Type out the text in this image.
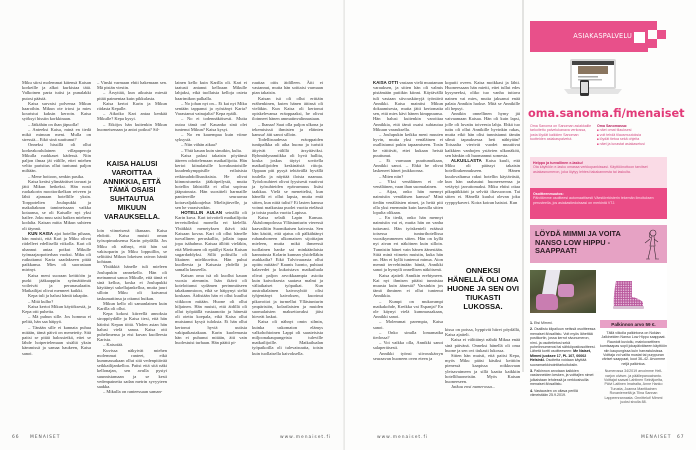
Miku siirsi molemmat kätensä Kaisan korkeille ja alkoi kurkistaa tätä. Valkoinen parta tutisi ja punalakki putosi päästä.

Kaisa survaisi polvensa Mikun haaroihin. Mikun ote irtosi ja mies kouristui kaksin kerroin. Kaisa syöksyi hissiin korkkinaan.

– Jätkähän on ihan jäpuolla!

– Anteeksi Kaisa, minä en tiedä mikä minuun meni. Mulla on stressiä... Etkö sinä suuttunut?

Onneksi hissillä oli ollut korkeakoululainen villapaperoja Mikulla ruokkaset kädessä. Niin paljon ilmaa jäi välille, ettei miehen veltto parisitus ollut tuntunut paljon miltään.

– Mene hoitoon, senkin pasika.

Kaisa keräsi ylimääräiset tavarat ja jätti Mikun hetkeksi. Hän nosti ruokakorin moottorikelkan reiveen ja lähti ajamaan hotellille yksin. Torppotelien Joulupukki ja makaltaknon tamineissaan vaikka kotaansa, se oli Kaisalle nyt yksi hailee. Joku muu saisi haikea mieheen kodalta. Kaisan mitta Mikun suhteen oli täynnä.

KUN KAISA ajoi hotellin pihaan, hän muisti, että Kari ja Miku olivat riidelleet edellisellä viikolla. Kari oli uhannut antaa potkut Mikulle työmaajaopotterhan vuoksi. Miku oli ruikuttanut Karia saadakseen pitää paikkansa. Mies oli suorastaan mirinyt.

Kaisa meni suoraan keittiöön ja purki jääkaappiin syömättömät voileivät ja perunasalaatin. Matkailijat olivat menneet kaikki.

Kepa tuli ja halusi häntä takapiin.

– Mitä kulho?

Kaisa kertoi Mikun käytöksestä, ja Kepa otti puheita.

– Mä puhun sille. Jos homma ei pelitä, hän saa häipyä.

– Tänään sille ei kannata puhua mitään, tämä päivä on menetetty. Sitä paitsi se pitää halossietkä, ettei se lähde hoipertelemaan sisältä yksin kämmissä ja samaa haukeen, Kaisa sanoi.

– Vinski varmaan ehtii hakemaan sen. Mä pistän viestin.

– Ärsyttää, kun aikuista miestä pitää paimentaa kuin pikkulasta.

Kaisa kertoi Karin ja Mikun riidasta Kepalle.

– Aikoiko Kari antaa kenkää Mikulle? Kepa kysyi.

– Eiköjos hän kuitenkin Mikun huomeisenaan ja antoi potkut? Sil-

KAISA HALUSI VAROITTAA ANNIKKIA, ETTÄ TÄMÄ OSAISI SUHTAUTUA MIKUUN VARAUKSELLA.

loin viimeisenä iltanaan. Kaisa ehdotti. Kaisa muisti oman työsopimuksensa Karin pöydällä. Jos Miku oli nähnyt, että hän sai vakisoparin ja Miku loppuillin, se selittäisi Mikun lokeisen raivon häntä kohtaan.

Yhtäkkiä hänelle tuli mieleen Joulupukin rannekello. Hän oli meinannut sanoa Mikulle, että tämä ei sinä kelloa, koska ei Joulupukki käyttänyt sukellajankelloa, mutta juuri silloin Miku oli kaivanut taskumattinsa ja ottanut huikan.

Mikun kello oli samanlainen kuin Karilla oli ollut.

Kepa kokosi kiireellä annoksia siroppöydälle ja Kaisa tiesi, että hän häiritsi Kepan töitä. Yhden asian hän halusi vielä sanoa. Kaisa otti puhelimensa ja etsi kuvan kuolleesta Karista.

– Katsotää.

Kuvissa näkyivät miehen molemmat ranteet, eikä kummassakaan ollut sitä vedenpitävää seikkailijankelloa. Paitsi että sitä näki kellonajan, sen avulla pystyi suunnistamaan ja se kesti vedenpainetta sadan metrin syvyyteen saakka.

– Mikulla on ranteessaan saman-

lainen kello kuin Karilla oli. Kari ei taatusti antanut kelloaan Mikulle lahjaksi, eikä tuollaisia kelloja osteta baarimikon palkalla.

– No johan nyt on... Ei kai nyt Miku sentään tappanut ja ryöstänyt Karia? Varastanut vainajalta? Kepa epäili.

– No ei todennäköisesti. Mutta outoa tämä on! Kauanko sinä olet tuntenut Mikun? Kaisa kysyi.

– No en kauempaa kuin viime syksystä.

– Niin vähän aikaa?

– Yhtä kauan kuin sinutkin, kulta.

Kaisa palasi takaisin pöytänsä ääreen odottelemaan matkailijoita. Hän kertoi kiinalaisille kovakuntoisille kuudenkymppisille erilaisista retkimahdollisuuksista. He olivat kiinnostuneita jääkiipeilystä, mutta hotellin lähistöllä ei ollut sopivaa jääputousta. Hän suositteli harmaille panttereille seuraavaa koiravaljakkoajelua Mielisjärvelle, ja sen he varasivatkin.

HOTELLIN AULAN seinällä oli Karin kuva. Kari toivotteli matkailijoita tervetulleiksi monella eri kielellä. Yhtäkkiä menetyksen ikävä iski Kaisaan kovaa. Kari oli ollut hänelle turvallinen peruskallio, jollain tapaa jopa isähahmo. Kaisaa ällötti vieläkin, että Miettunen oli epäillyt Karia Kaisan sugardaddyksi. Sillä poliisilla oli likainen mielikuvitus. Hän puhui kuolleesta ja Kaisasta yhdellä ja samalla lauseella.

Kaisan oma isä oli kuollut kauan vuosia aiemmin. Isän ikävä oli koteloitunut sydämen perimmäiseen takakammioon, eikä se häipynyt sieltä koskaan. Äidistään hän ei ollut kuullut viikkoon mitään. Huone oli ollut hiljainen. Hän muisti, että äidillä oli ollut työpäällä vastaanotto ja hänestä oli otettu koepala, eikä Kaisa ollut muistanut kysyä tuloksia. Ei hän ollut kertonut hyviä uutisia vakipaikastakaan. Karin kuolemasta hän ei puhunut mitään, äiti vain huolestuisi turhaan. Hän päätti pi-

ruuttaa oitis äidilleen. Äiti ei vastannut, mutta hän soittaisi varmaan pian takaisin.

Kaisan isä oli ollut erittäin erähenkinen, kuten hänen äitinsä oli vieläkin. Kun Kaisa oli kertonut opiskelevansa eräoppaaksi, he olivat iloinneet hänen ammatinvalinnastaan.

– Ihanaa! Saat olla paljon ulkona ja tekemisissä ihmisten ja eläinten kanssa! äiti sanoi silloin.

Todellisuudessa eräoppaiden tuntipalkka oli aika huono ja turistit äityivät välillä ärsyttäviksi. Ryhmädynamiikka oli hyvä hallita, koska joskus täytyi sovitella matkailijoiden keskinäisiä riitoja. Oppaan piti pysyä tehtävällä hyvällä tuulella ja näyttää iloista naamaa. Työolosuhteet olivat fyysisesti vaativat ja työsuhteiden epävarmuus lisäsi taakkaa. Vielä se menettelisi, kun hänellä ei ollut lapsia, mutta entä sitten, kun niitä tulisi? Ei lasten kanssa voinut matkustaa puolet vuotta etelässä ja toista puolta vuotta Lapissa.

Kaisa selaili Lapin Kansaa. Äkäslompolossa Yllästunturin vieressä kaavailtiin Suomikaisen kaivosta. Sen hän käsitti, että ajatus oli pälkähtänyt ruhanahoneen ulkomaisen sijoittajan mieleen, mutta mikä ihmeessä tuollainen hanke sai minkäänlaista kannatusta Kolarin kunnan ylsidelläkin asukkailta? Eikö Talvivaarasta ollut opittu mitään? Kaunis luonto, puhtaat kalavedet ja kukoistava matkailuala olivat paljon arvokkaampia asioita kuin kaivoksesta saatava malmi ja väliaikaiset työpaikat. Kun australialainen kaivosyhtiö olisi tyhjentänyt kaivoksen, kuorinut pikavoitot ja turmellut Yllästunturin ympäristön, kolarilaisten ja muiden suomalaisten maksettavaksi jäisi hirveät laskut.

Kaisa oli nähnyt omin silmin, kuinka uskomaton elämys valkohohtoinen Lappi oli saasteisista miljoonakaupungeista tuleville matkailijoille. Matkailualan työpaikoilla oli tulevaisuutta, toisin kuin tuollaisella kaivoksella.

66 MENAISET	www.menaiset.fi

KAISA OTTI vastaan vielä muutaman varauksen, ja sitten hän oli valmis pistämään putiikin kiinni. Käytävällä tuli vastaan siivouskärryjä työntävä Annikki. Kaisa mainitsi Mikun dokaamisesta, mutta jätti kertomatta sen, että mies kävi hänen kimppuunsa. Hän halusi kuitenkin varoittaa Annikkia, että tämä osaisi suhtautua Mikuun varauksella.

– Joulupukin keikka meni muuten hyvin, mutta yksi venäläinen ei osallistunut pukin tapaamiseen. Tosin he väittivät, ettei kukaan heistä puuttunut.

– Ei varmaan puuttunutkaan, Annikki sanoi. – Ehkä he olivat laskeneet hänet joukkoonsa.

– Miten niin?

– Yksi venäläinen ei ole venäläinen, vaan ihan suomalainen.

– Aijaa, onko hän mennyt naimisiin venäläisen kanssa? Minä tiedän venäläisten nimet, ja heitä piti olla yksi enemmän kuin laavulla sitten lopulta olikaan.

– En tiedä, onko hän mennyt naimisiin vai ei, mutta hän on vanha tuttavani. Hän työskenteli eräässä toisessa tunturihotellissa vuosikymmenen sitten. Hän on kyllä nyt aivan eri näköinen kuin silloin. Tunnistin hänet vain hänen äänestään. Siitä minä viimein muistin, kuka hän on. Hän ei kyllä tuntenut minua. Aion mennä tervehtimään häntä, Annikki sanoi ja hymyili onnellisen näköisenä.

Kaisa ajatteli Annikin erehtyneen. Kai nyt ihmisen pitäisi tunnistaa muusta kuin äänestä? Varsinkin jos tämä ihminen ei ollut tuntenut Annikkia.

– Kumpi on mukavampi matkakohde, Kreikka vai Espanja? En ole käynyt vielä kummassakaan, Annikki sanoi.

– Molemmat parempia, Kaisa sanoi.

– Onko sinulla lomamatka tiedossa?

– Voi vaikka olla, Annikki sanoi salaperäisesti.

Annikki työnsi siivouskärryn seuraavan huoneen oven eteen ja

koputti oveen. Kaisa moikkasi ja lähti. Huoneessaan hän mietti, ettei tullut edes kysyneeksi, oliko tuo vanha tuttava nainen vai mies, mutta jaksanut enää palata Annikin luokse. Mitä se Annikille oli hepsyt.

Annikin onnellinen hymy jäi vaivaamaan Kaisaa. Hän oli kuin lapsi, jolle oli luvattu toiveesta lahja. Ehkä tuo tuttu oli ollut Annikille hyvinkin rakas, mutta eikö hän olisi tunnistanut tämän silmä tapauksessa heti nähtyään? Toisaalta vierivät vuodet muuttivat kaikkien vanhojen ystävien ulkonäköä, sen hänkin oli huomannut somesta.

ALKUILLASTA Kaisa kuuli, että Miku oli päässyt takaisin hotellirakennukseen. Hänen kuulovaltansa rakui hotellin käytävästä, kun hän raahautui huoneeseensa ja vetäytyi jarruttomaksi. Miku ehtisi ottaa pikapäikkärit ja selvitä iltavuoroon. Tai sitten ei. Hänellä kuului olevan joku ryyppykaveri. Koira koiran haistoi. Kun

ONNEKSI HÄNELLÄ OLI OMA HUONE JA SEN OVI TIUKASTI LUKOSSA.

kissa on poissa, hyppivät hiiret pöydällä, Kaisa ajatteli.

Kaisa ei välittänyt nähdä Mikua enää sinä päivänä. Onneksi hänellä oli oma huone ja sen ovi tiukasti lukossa.

Sitten hän muisti, että paitsi Kepa, myös Miku pääsi käsiksi keittiön pienessä kaapissa roikkuvaan yleisavaimeen ja sillä kaatta kaikkiin hotellihuoneisiin. Myös Kaisan huoneeseen.

Jatkuu ensi numerossa...

www.menaiset.fi	MENAISET 67
ASIAKASPALVELU
■■■■■■
oma.sanoma.fi/menaiset
Oma Sanoma on Sanoman asiakkaille tarkoitettu palvelukanava verkossa, josta löydät kaikkien Sanoman tuotteiden asiakaspalvelut.
Oma Sanomassa:
■ näet omat tilauksesi
■ voit tehdä tilausmuutoksia
■ löydät tietoa sekä ohjeita
■ näet ja lunastat asiakasetusi
Helppo ja turvallinen e-lasku!
Ota käyttöön e-lasku omassa verkkopankissasi. Käyttöönottoon tarvitset asiakasnumeron, joka löytyy lehtesi takakannesta tai laskulta.
Osoitteenmuutos:
Päivitämme osoitteesi automaattisesti Väestörekisterin tekemän ilmoituksen perusteella, jos asiakastiedoissasi on merkintä VTJ.
LÖYDÄ MIMMI JA VOITA NANSO LOW HIPPU -SAAPPAAT!

1. Etsi Mimmi.

2. Osallistu kilpailuun netissä osoitteessa menaiset.fi/osallistu. Voit myös lähettää postikortin, jossa kerrot sivunumeron, nimi- ja osoitetietosi sekä puhelinnumerosi tai sähköpostiosoitteesi. Lähetä kortti osoitteeseen: Me Naiset, Mimmi juoksee 17, PL 107, 00002 Helsinki. Osoitetta voidaan käyttää suoramarkkinointitarkoituksiin.

3. Palkinnon arvotaan kaikkien vastanneiden kesken, ja voittajien nimet julkaistaan lehdessä ja verkkosivuilla menaiset.fi/osallistu.

4. Vastausten on oltava perillä viimeistään 25.9.2019.

Palkinnon arvo 59 €.
Tällä viikolla palkintona on Nokian Jalkineiden Nanso Low Hippu saappaat. Raunioit kuviollu, mainiovarttinen kumisaapas sopii jokapäiväiseen käyttöön niin kaupungissa kuin harrastuksissa. Voittaja voi valita mustat tai purppuran väriset saappaat, koot 36–42. Arvomme neljä palkintoa.
Numerossa 34/2019 arvoimme Hell-varjon olviser- ja päällepanoairanto. Voittajat saavat Lahtinen Seinäjoelta, Päivi Laitinen Imatralta, Anne Hanko Turusta, Joanna Mantikainen Rovaniemeltä ja Tiina Sannan Lappeenrannasta. Onnittelut! Mimmi juoksi sivulla 88.
